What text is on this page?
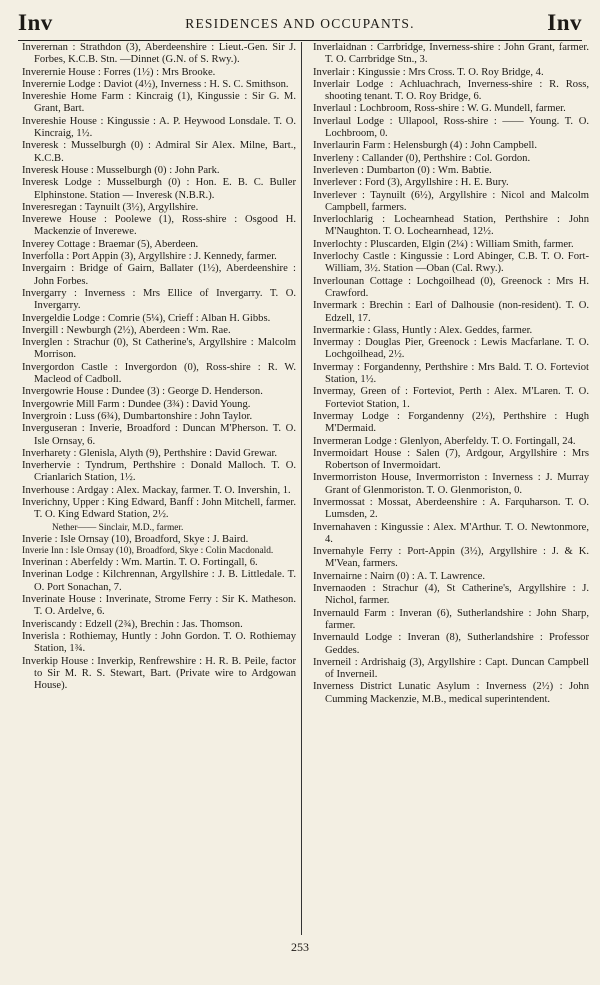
Inv	RESIDENCES AND OCCUPANTS.	Inv

Inverernan : Strathdon (3), Aberdeenshire : Lieut.-Gen. Sir J. Forbes, K.C.B. Stn. —Dinnet (G.N. of S. Rwy.).

Inverernie House : Forres (1½) : Mrs Brooke.

Inverernie Lodge : Daviot (4½), Inverness : H. S. C. Smithson.

Invereshie Home Farm : Kincraig (1), Kingussie : Sir G. M. Grant, Bart.

Invereshie House : Kingussie : A. P. Heywood Lonsdale. T. O. Kincraig, 1½.

Inveresk : Musselburgh (0) : Admiral Sir Alex. Milne, Bart., K.C.B.

Inveresk House : Musselburgh (0) : John Park.

Inveresk Lodge : Musselburgh (0) : Hon. E. B. C. Buller Elphinstone. Station — Inveresk (N.B.R.).

Inveresregan : Taynuilt (3½), Argyllshire.

Inverewe House : Poolewe (1), Ross-shire : Osgood H. Mackenzie of Inverewe.

Inverey Cottage : Braemar (5), Aberdeen.

Inverfolla : Port Appin (3), Argyllshire : J. Kennedy, farmer.

Invergairn : Bridge of Gairn, Ballater (1½), Aberdeenshire : John Forbes.

Invergarry : Inverness : Mrs Ellice of Invergarry. T. O. Invergarry.

Invergeldie Lodge : Comrie (5¼), Crieff : Alban H. Gibbs.

Invergill : Newburgh (2½), Aberdeen : Wm. Rae.

Inverglen : Strachur (0), St Catherine's, Argyllshire : Malcolm Morrison.

Invergordon Castle : Invergordon (0), Ross-shire : R. W. Macleod of Cadboll.

Invergowrie House : Dundee (3) : George D. Henderson.

Invergowrie Mill Farm : Dundee (3¾) : David Young.

Invergroin : Luss (6¾), Dumbartonshire : John Taylor.

Inverguseran : Inverie, Broadford : Duncan M'Pherson. T. O. Isle Ornsay, 6.

Inverharety : Glenisla, Alyth (9), Perthshire : David Grewar.

Inverhervie : Tyndrum, Perthshire : Donald Malloch. T. O. Crianlarich Station, 1½.

Inverhouse : Ardgay : Alex. Mackay, farmer. T. O. Invershin, 1.

Inverichny, Upper : King Edward, Banff : John Mitchell, farmer. T. O. King Edward Station, 2½.

Nether—— Sinclair, M.D., farmer.

Inverie : Isle Ornsay (10), Broadford, Skye : J. Baird.

Inverie Inn : Isle Ornsay (10), Broadford, Skye : Colin Macdonald.

Inverinan : Aberfeldy : Wm. Martin. T. O. Fortingall, 6.

Inverinan Lodge : Kilchrennan, Argyllshire : J. B. Littledale. T. O. Port Sonachan, 7.

Inverinate House : Inverinate, Strome Ferry : Sir K. Matheson. T. O. Ardelve, 6.

Inveriscandy : Edzell (2¾), Brechin : Jas. Thomson.

Inverisla : Rothiemay, Huntly : John Gordon. T. O. Rothiemay Station, 1¾.

Inverkip House : Inverkip, Renfrewshire : H. R. B. Peile, factor to Sir M. R. S. Stewart, Bart. (Private wire to Ardgowan House).

Inverlaidnan : Carrbridge, Inverness-shire : John Grant, farmer. T. O. Carrbridge Stn., 3.

Inverlair : Kingussie : Mrs Cross. T. O. Roy Bridge, 4.

Inverlair Lodge : Achluachrach, Inverness-shire : R. Ross, shooting tenant. T. O. Roy Bridge, 6.

Inverlaul : Lochbroom, Ross-shire : W. G. Mundell, farmer.

Inverlaul Lodge : Ullapool, Ross-shire : —— Young. T. O. Lochbroom, 0.

Inverlaurin Farm : Helensburgh (4) : John Campbell.

Inverleny : Callander (0), Perthshire : Col. Gordon.

Inverleven : Dumbarton (0) : Wm. Babtie.

Inverlever : Ford (3), Argyllshire : H. E. Bury.

Inverlever : Taynuilt (6½), Argyllshire : Nicol and Malcolm Campbell, farmers.

Inverlochlarig : Lochearnhead Station, Perthshire : John M'Naughton. T. O. Lochearnhead, 12½.

Inverlochty : Pluscarden, Elgin (2¼) : William Smith, farmer.

Inverlochy Castle : Kingussie : Lord Abinger, C.B. T. O. Fort-William, 3½. Station —Oban (Cal. Rwy.).

Inverlounan Cottage : Lochgoilhead (0), Greenock : Mrs H. Crawford.

Invermark : Brechin : Earl of Dalhousie (non-resident). T. O. Edzell, 17.

Invermarkie : Glass, Huntly : Alex. Geddes, farmer.

Invermay : Douglas Pier, Greenock : Lewis Macfarlane. T. O. Lochgoilhead, 2½.

Invermay : Forgandenny, Perthshire : Mrs Bald. T. O. Forteviot Station, 1½.

Invermay, Green of : Forteviot, Perth : Alex. M'Laren. T. O. Forteviot Station, 1.

Invermay Lodge : Forgandenny (2½), Perthshire : Hugh M'Dermaid.

Invermeran Lodge : Glenlyon, Aberfeldy. T. O. Fortingall, 24.

Invermoidart House : Salen (7), Ardgour, Argyllshire : Mrs Robertson of Invermoidart.

Invermorriston House, Invermorriston : Inverness : J. Murray Grant of Glenmoriston. T. O. Glenmoriston, 0.

Invermossat : Mossat, Aberdeenshire : A. Farquharson. T. O. Lumsden, 2.

Invernahaven : Kingussie : Alex. M'Arthur. T. O. Newtonmore, 4.

Invernahyle Ferry : Port-Appin (3½), Argyllshire : J. & K. M'Vean, farmers.

Invernairne : Nairn (0) : A. T. Lawrence.

Invernaoden : Strachur (4), St Catherine's, Argyllshire : J. Nichol, farmer.

Invernauld Farm : Inveran (6), Sutherlandshire : John Sharp, farmer.

Invernauld Lodge : Inveran (8), Sutherlandshire : Professor Geddes.

Inverneil : Ardrishaig (3), Argyllshire : Capt. Duncan Campbell of Inverneil.

Inverness District Lunatic Asylum : Inverness (2½) : John Cumming Mackenzie, M.B., medical superintendent.

253
